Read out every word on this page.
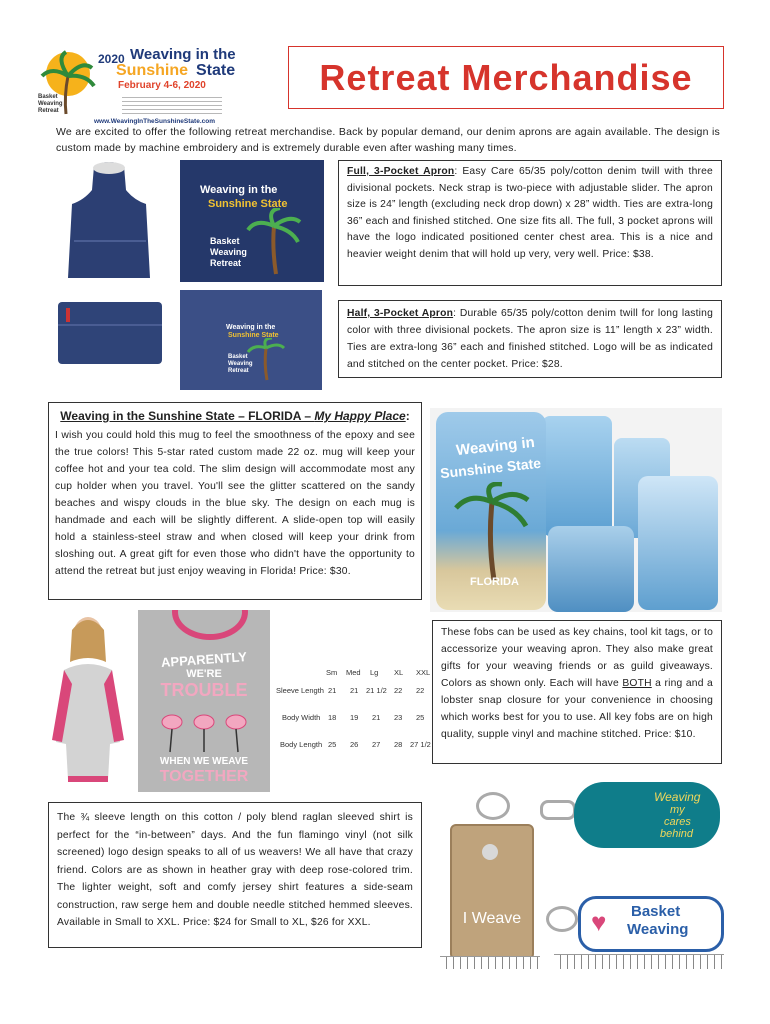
Basket Weaving Retreat
2020 Weaving in the
Sunshine State
February 4-6, 2020
www.WeavingInTheSunshineState.com
Retreat Merchandise

We are excited to offer the following retreat merchandise. Back by popular demand, our denim aprons are again available. The design is custom made by machine embroidery and is extremely durable even after washing many times.

Weaving in the
Sunshine State
Basket
Weaving
Retreat
Weaving in the
Sunshine State
Basket
Weaving
Retreat

Full, 3-Pocket Apron: Easy Care 65/35 poly/cotton denim twill with three divisional pockets. Neck strap is two-piece with adjustable slider. The apron size is 24” length (excluding neck drop down) x 28” width. Ties are extra-long 36” each and finished stitched. One size fits all. The full, 3 pocket aprons will have the logo indicated positioned center chest area. This is a nice and heavier weight denim that will hold up very, very well. Price: $38.

Half, 3-Pocket Apron: Durable 65/35 poly/cotton denim twill for long lasting color with three divisional pockets. The apron size is 11” length x 23” width. Ties are extra-long 36” each and finished stitched. Logo will be as indicated and stitched on the center pocket. Price: $28.

Weaving in the Sunshine State – FLORIDA – My Happy Place:

I wish you could hold this mug to feel the smoothness of the epoxy and see the true colors! This 5-star rated custom made 22 oz. mug will keep your coffee hot and your tea cold. The slim design will accommodate most any cup holder when you travel. You'll see the glitter scattered on the sandy beaches and wispy clouds in the blue sky. The design on each mug is handmade and each will be slightly different. A slide-open top will easily hold a stainless-steel straw and when closed will keep your drink from sloshing out. A great gift for even those who didn't have the opportunity to attend the retreat but just enjoy weaving in Florida! Price: $30.

Weaving in
Sunshine State
FLORIDA
APPARENTLY
WE'RE
TROUBLE
WHEN WE WEAVE
TOGETHER
Sm Med Lg XL XXL
Sleeve Length 21 21 21 1/2 22 22
Body Width 18 19 21 23 25
Body Length 25 26 27 28 27 1/2

These fobs can be used as key chains, tool kit tags, or to accessorize your weaving apron. They also make great gifts for your weaving friends or as guild giveaways. Colors as shown only. Each will have BOTH a ring and a lobster snap closure for your convenience in choosing which works best for you to use. All key fobs are on high quality, supple vinyl and machine stitched. Price: $10.

The ¾ sleeve length on this cotton / poly blend raglan sleeved shirt is perfect for the “in-between” days. And the fun flamingo vinyl (not silk screened) logo design speaks to all of us weavers! We all have that crazy friend. Colors are as shown in heather gray with deep rose-colored trim. The lighter weight, soft and comfy jersey shirt features a side-seam construction, raw serge hem and double needle stitched hemmed sleeves. Available in Small to XXL. Price: $24 for Small to XL, $26 for XXL.	I Weave
Weaving
my
cares
behind
♥ Basket
Weaving
